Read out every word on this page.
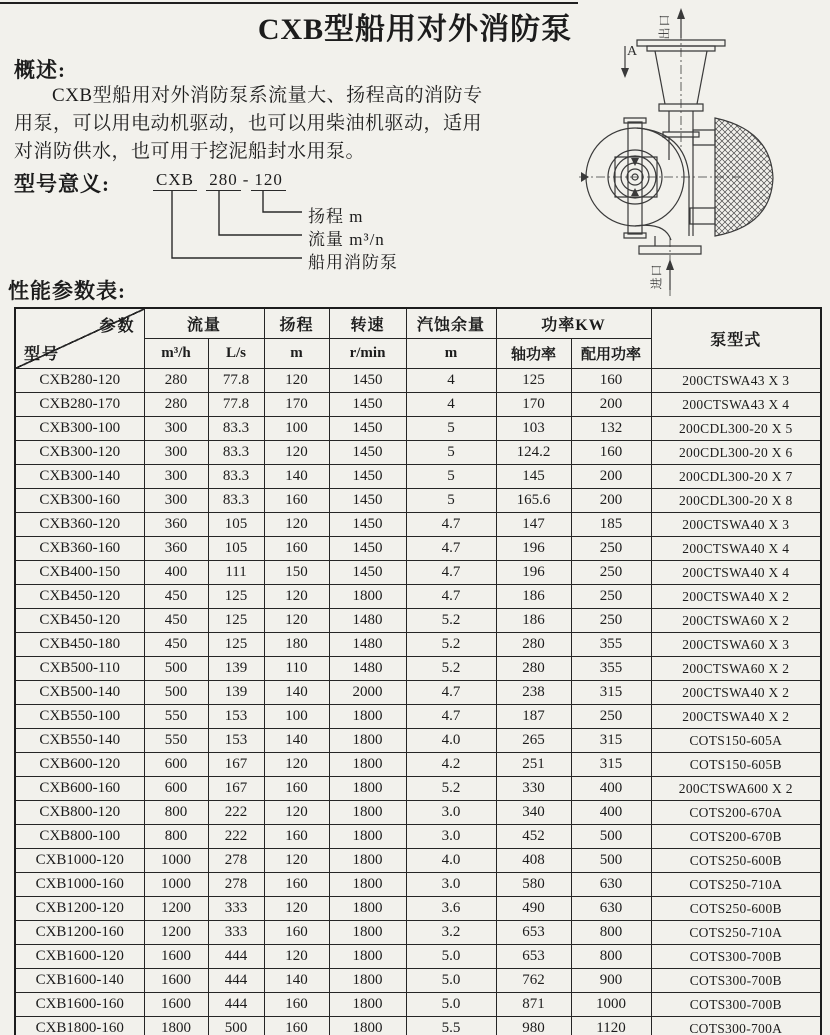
CXB型船用对外消防泵
概述:
CXB型船用对外消防泵系流量大、扬程高的消防专
用泵，可以用电动机驱动，也可以用柴油机驱动，适用
对消防供水，也可用于挖泥船封水用泵。
型号意义:	CXB 280 - 120
扬程 m
流量 m³/n
船用消防泵
出口
进口
A
性能参数表:
参数
型号	流量		扬程	转速	汽蚀余量	功率KW		泵型式
	m³/h	L/s	m	r/min	m	轴功率	配用功率	
CXB280-120	280	77.8	120	1450	4	125	160	200CTSWA43 X 3
CXB280-170	280	77.8	170	1450	4	170	200	200CTSWA43 X 4
CXB300-100	300	83.3	100	1450	5	103	132	200CDL300-20 X 5
CXB300-120	300	83.3	120	1450	5	124.2	160	200CDL300-20 X 6
CXB300-140	300	83.3	140	1450	5	145	200	200CDL300-20 X 7
CXB300-160	300	83.3	160	1450	5	165.6	200	200CDL300-20 X 8
CXB360-120	360	105	120	1450	4.7	147	185	200CTSWA40 X 3
CXB360-160	360	105	160	1450	4.7	196	250	200CTSWA40 X 4
CXB400-150	400	111	150	1450	4.7	196	250	200CTSWA40 X 4
CXB450-120	450	125	120	1800	4.7	186	250	200CTSWA40 X 2
CXB450-120	450	125	120	1480	5.2	186	250	200CTSWA60 X 2
CXB450-180	450	125	180	1480	5.2	280	355	200CTSWA60 X 3
CXB500-110	500	139	110	1480	5.2	280	355	200CTSWA60 X 2
CXB500-140	500	139	140	2000	4.7	238	315	200CTSWA40 X 2
CXB550-100	550	153	100	1800	4.7	187	250	200CTSWA40 X 2
CXB550-140	550	153	140	1800	4.0	265	315	COTS150-605A
CXB600-120	600	167	120	1800	4.2	251	315	COTS150-605B
CXB600-160	600	167	160	1800	5.2	330	400	200CTSWA600 X 2
CXB800-120	800	222	120	1800	3.0	340	400	COTS200-670A
CXB800-100	800	222	160	1800	3.0	452	500	COTS200-670B
CXB1000-120	1000	278	120	1800	4.0	408	500	COTS250-600B
CXB1000-160	1000	278	160	1800	3.0	580	630	COTS250-710A
CXB1200-120	1200	333	120	1800	3.6	490	630	COTS250-600B
CXB1200-160	1200	333	160	1800	3.2	653	800	COTS250-710A
CXB1600-120	1600	444	120	1800	5.0	653	800	COTS300-700B
CXB1600-140	1600	444	140	1800	5.0	762	900	COTS300-700B
CXB1600-160	1600	444	160	1800	5.0	871	1000	COTS300-700B
CXB1800-160	1800	500	160	1800	5.5	980	1120	COTS300-700A
